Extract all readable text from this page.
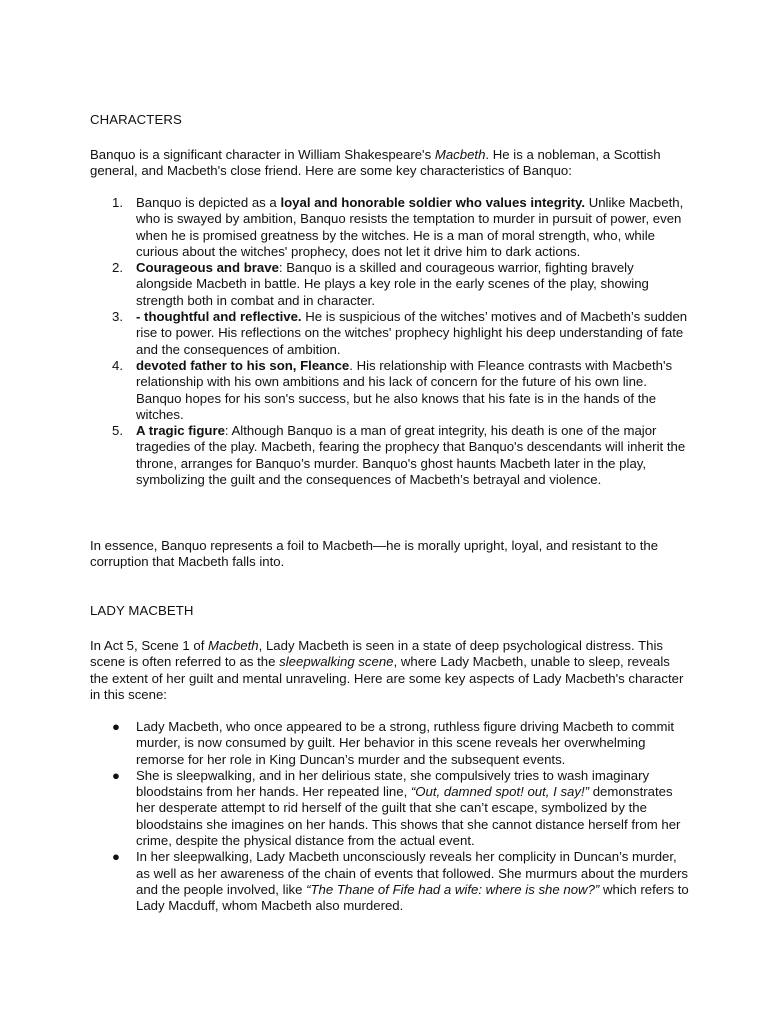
CHARACTERS
Banquo is a significant character in William Shakespeare's Macbeth. He is a nobleman, a Scottish general, and Macbeth's close friend. Here are some key characteristics of Banquo:
1. Banquo is depicted as a loyal and honorable soldier who values integrity. Unlike Macbeth, who is swayed by ambition, Banquo resists the temptation to murder in pursuit of power, even when he is promised greatness by the witches. He is a man of moral strength, who, while curious about the witches' prophecy, does not let it drive him to dark actions.
2. Courageous and brave: Banquo is a skilled and courageous warrior, fighting bravely alongside Macbeth in battle. He plays a key role in the early scenes of the play, showing strength both in combat and in character.
3. - thoughtful and reflective. He is suspicious of the witches’ motives and of Macbeth’s sudden rise to power. His reflections on the witches' prophecy highlight his deep understanding of fate and the consequences of ambition.
4. devoted father to his son, Fleance. His relationship with Fleance contrasts with Macbeth's relationship with his own ambitions and his lack of concern for the future of his own line. Banquo hopes for his son's success, but he also knows that his fate is in the hands of the witches.
5. A tragic figure: Although Banquo is a man of great integrity, his death is one of the major tragedies of the play. Macbeth, fearing the prophecy that Banquo's descendants will inherit the throne, arranges for Banquo’s murder. Banquo's ghost haunts Macbeth later in the play, symbolizing the guilt and the consequences of Macbeth’s betrayal and violence.
In essence, Banquo represents a foil to Macbeth—he is morally upright, loyal, and resistant to the corruption that Macbeth falls into.
LADY MACBETH
In Act 5, Scene 1 of Macbeth, Lady Macbeth is seen in a state of deep psychological distress. This scene is often referred to as the sleepwalking scene, where Lady Macbeth, unable to sleep, reveals the extent of her guilt and mental unraveling. Here are some key aspects of Lady Macbeth's character in this scene:
● Lady Macbeth, who once appeared to be a strong, ruthless figure driving Macbeth to commit murder, is now consumed by guilt. Her behavior in this scene reveals her overwhelming remorse for her role in King Duncan’s murder and the subsequent events.
● She is sleepwalking, and in her delirious state, she compulsively tries to wash imaginary bloodstains from her hands. Her repeated line, “Out, damned spot! out, I say!” demonstrates her desperate attempt to rid herself of the guilt that she can’t escape, symbolized by the bloodstains she imagines on her hands. This shows that she cannot distance herself from her crime, despite the physical distance from the actual event.
● In her sleepwalking, Lady Macbeth unconsciously reveals her complicity in Duncan’s murder, as well as her awareness of the chain of events that followed. She murmurs about the murders and the people involved, like “The Thane of Fife had a wife: where is she now?” which refers to Lady Macduff, whom Macbeth also murdered.
